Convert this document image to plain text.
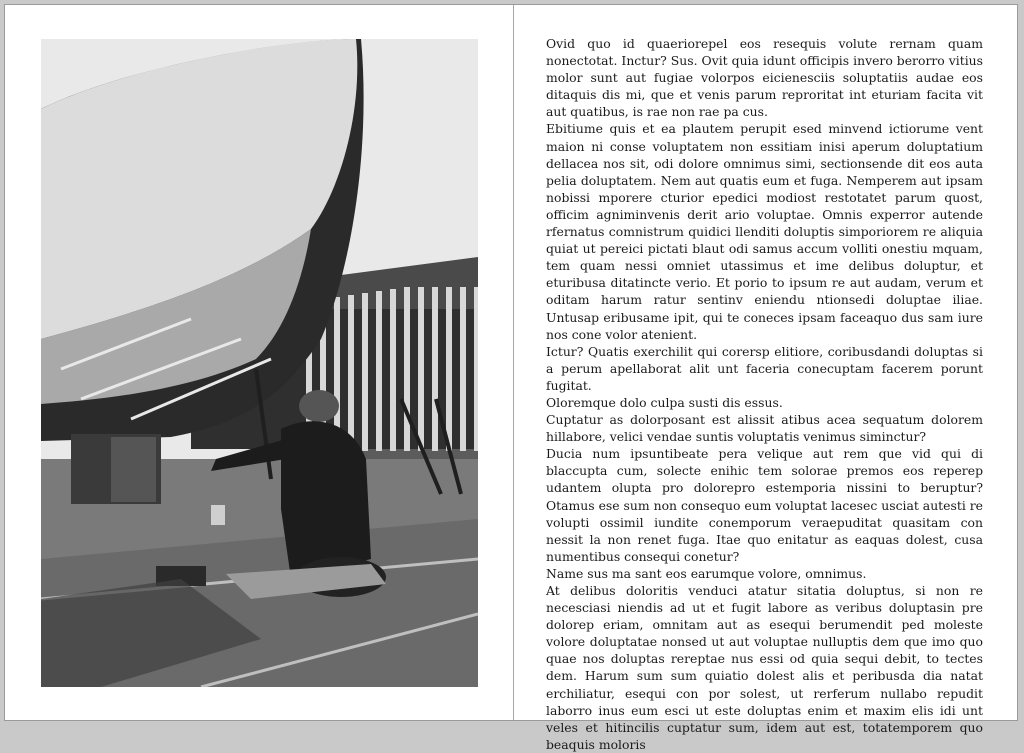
Ovid quo id quaeriorepel eos resequis volute rernam quam nonectotat. Inctur? Sus. Ovit quia idunt officipis invero berorro vitius molor sunt aut fugiae volorpos eicienesciis soluptatiis audae eos ditaquis dis mi, que et venis parum reproritat int eturiam facita vit aut quatibus, is rae non rae pa cus.

Ebitiume quis et ea plautem perupit esed minvend ictiorume vent maion ni conse voluptatem non essitiam inisi aperum doluptatium dellacea nos sit, odi dolore omnimus simi, sectionsende dit eos auta pelia doluptatem. Nem aut quatis eum et fuga. Nemperem aut ipsam nobissi mporere cturior epedici modiost restotatet parum quost, officim agniminvenis derit ario voluptae. Omnis experror autende rfernatus comnistrum quidici llenditi doluptis simporiorem re aliquia quiat ut pereici pictati blaut odi samus accum volliti onestiu mquam, tem quam nessi omniet utassimus et ime delibus doluptur, et eturibusa ditatincte verio. Et porio to ipsum re aut audam, verum et oditam harum ratur sentinv eniendu ntionsedi doluptae iliae. Untusap eribusame ipit, qui te coneces ipsam faceaquo dus sam iure nos cone volor atenient.

Ictur? Quatis exerchilit qui corersp elitiore, coribusdandi doluptas si a perum apellaborat alit unt faceria conecuptam facerem porunt fugitat.

Oloremque dolo culpa susti dis essus.

Cuptatur as dolorposant est alissit atibus acea sequatum dolorem hillabore, velici vendae suntis voluptatis venimus siminctur?

Ducia num ipsuntibeate pera velique aut rem que vid qui di blaccupta cum, solecte enihic tem solorae premos eos reperep udantem olupta pro dolorepro estemporia nissini to beruptur? Otamus ese sum non consequo eum voluptat lacesec usciat autesti re volupti ossimil iundite conemporum veraepuditat quasitam con nessit la non renet fuga. Itae quo enitatur as eaquas dolest, cusa numentibus consequi conetur?

Name sus ma sant eos earumque volore, omnimus.

At delibus doloritis venduci atatur sitatia doluptus, si non re necesciasi niendis ad ut et fugit labore as veribus doluptasin pre dolorep eriam, omnitam aut as esequi berumendit ped moleste volore doluptatae nonsed ut aut voluptae nulluptis dem que imo quo quae nos doluptas rereptae nus essi od quia sequi debit, to tectes dem. Harum sum sum quiatio dolest alis et peribusda dia natat erchiliatur, esequi con por solest, ut rerferum nullabo repudit laborro inus eum esci ut este doluptas enim et maxim elis idi unt veles et hitincilis cuptatur sum, idem aut est, totatemporem quo beaquis moloris
